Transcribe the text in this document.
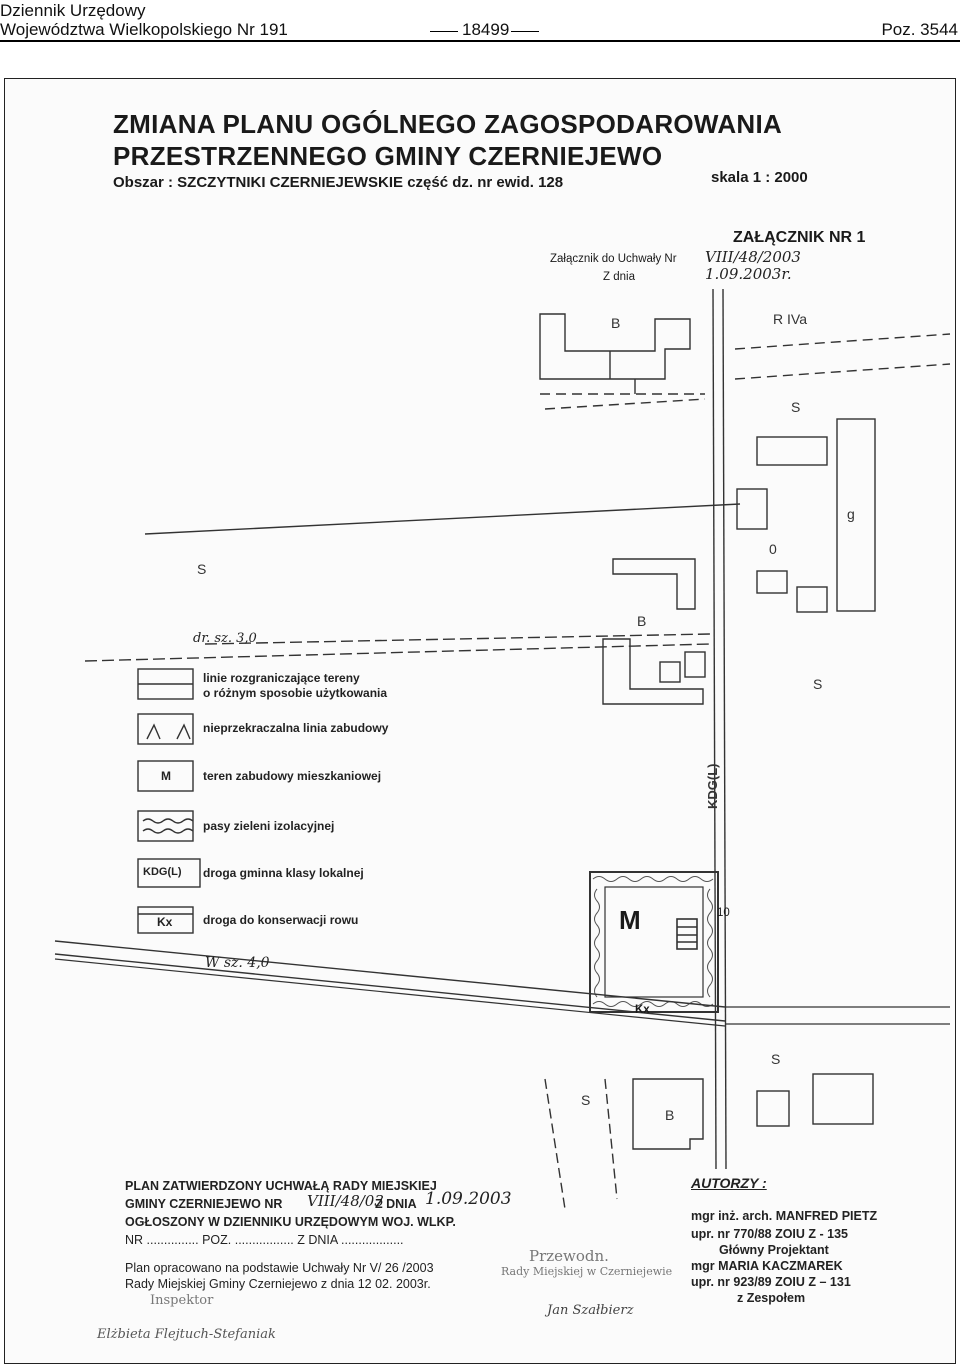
Dziennik Urzędowy
Województwa Wielkopolskiego Nr 191	18499	Poz. 3544
ZMIANA PLANU OGÓLNEGO ZAGOSPODAROWANIA
PRZESTRZENNEGO GMINY CZERNIEJEWO
Obszar : SZCZYTNIKI CZERNIEJEWSKIE część dz. nr ewid. 128	skala 1 : 2000
ZAŁĄCZNIK NR 1
Załącznik do Uchwały Nr VIII/48/2003
Z dnia	1.09.2003r.
B	R IVa
S
g
0
S
B
S
dr. sz. 3,0
KDG(L)
M
Kx
10
W sz. 4,0
S
S
B
linie rozgraniczające tereny
o różnym sposobie użytkowania
nieprzekraczalna linia zabudowy
M	teren zabudowy mieszkaniowej
pasy zieleni izolacyjnej
KDG(L) droga gminna klasy lokalnej
Kx	droga do konserwacji rowu
PLAN ZATWIERDZONY UCHWAŁĄ RADY MIEJSKIEJ
GMINY CZERNIEJEWO NR VIII/48/03
Z DNIA 1.09.2003
OGŁOSZONY W DZIENNIKU URZĘDOWYM WOJ. WLKP.
NR ............... POZ. ................. Z DNIA ..................
Plan opracowano na podstawie Uchwały Nr V/ 26 /2003
Rady Miejskiej Gminy Czerniejewo z dnia 12 02. 2003r.
Inspektor
Elżbieta Flejtuch-Stefaniak
AUTORZY :
mgr inż. arch. MANFRED PIETZ
upr. nr 770/88 ZOIU Z - 135
Główny Projektant
mgr MARIA KACZMAREK
upr. nr 923/89 ZOIU Z – 131
z Zespołem
Przewodn.
Rady Miejskiej w Czerniejewie
Jan Szałbierz
